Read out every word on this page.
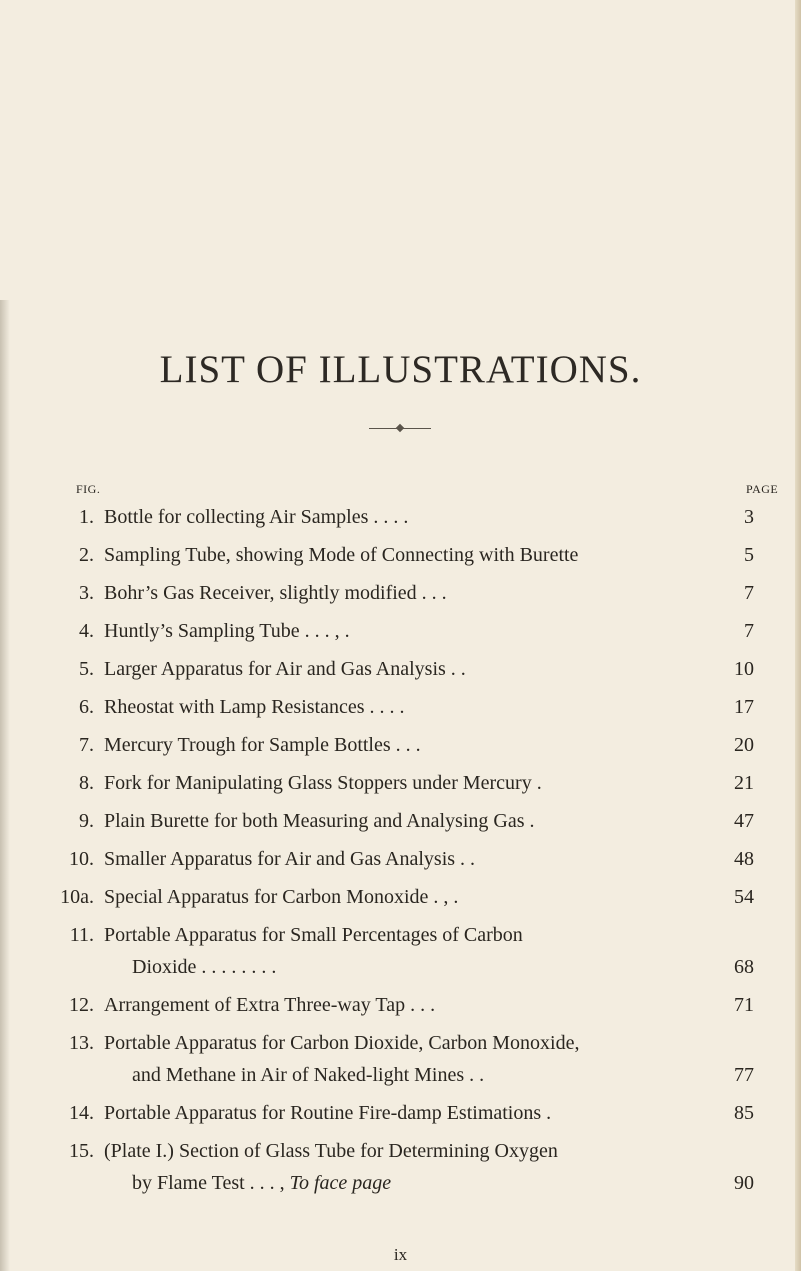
LIST OF ILLUSTRATIONS.
FIG.	PAGE
1. Bottle for collecting Air Samples . . . .	3
2. Sampling Tube, showing Mode of Connecting with Burette	5
3. Bohr’s Gas Receiver, slightly modified . . .	7
4. Huntly’s Sampling Tube . . . , .	7
5. Larger Apparatus for Air and Gas Analysis . .	10
6. Rheostat with Lamp Resistances . . . .	17
7. Mercury Trough for Sample Bottles . . .	20
8. Fork for Manipulating Glass Stoppers under Mercury .	21
9. Plain Burette for both Measuring and Analysing Gas .	47
10. Smaller Apparatus for Air and Gas Analysis . .	48
10a. Special Apparatus for Carbon Monoxide . , .	54
11. Portable Apparatus for Small Percentages of Carbon
Dioxide . . . . . . . .	68
12. Arrangement of Extra Three-way Tap . . .	71
13. Portable Apparatus for Carbon Dioxide, Carbon Monoxide,
and Methane in Air of Naked-light Mines . .	77
14. Portable Apparatus for Routine Fire-damp Estimations .	85
15. (Plate I.) Section of Glass Tube for Determining Oxygen
by Flame Test . . . , To face page	90
ix
